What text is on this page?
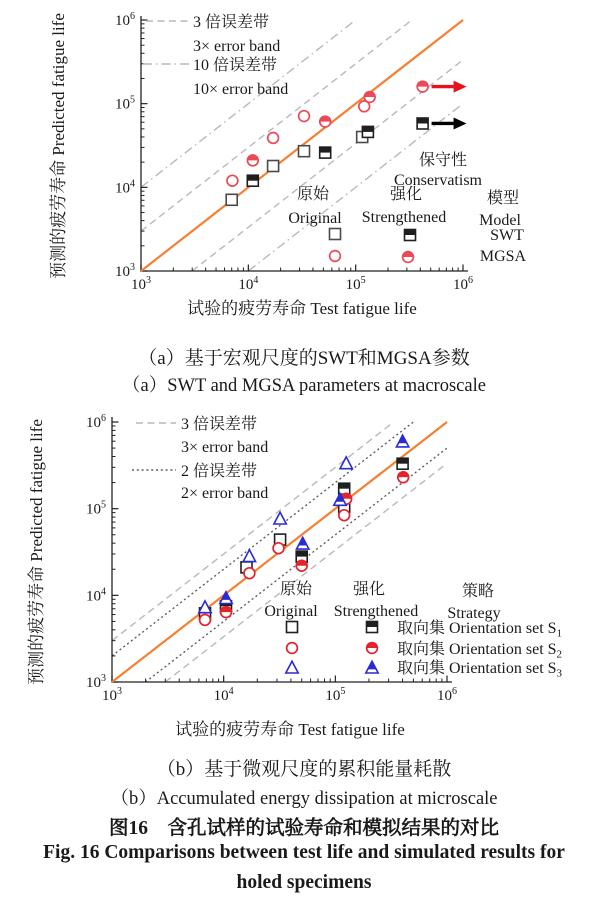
$10^3$
$10^3$
$10^4$
$10^4$
$10^5$
$10^5$
$10^6$
$10^6$
试验的疲劳寿命 Test fatigue life
预测的疲劳寿命 Predicted fatigue life	3 倍误差带
3× error band
10 倍误差带
10× error band
保守性
Conservatism
原始
Original
强化
Strengthened
模型
Model
SWT
MGSA
（a）基于宏观尺度的SWT和MGSA参数
（a）SWT and MGSA parameters at macroscale
$10^3$
$10^3$
$10^4$
$10^4$
$10^5$
$10^5$
$10^6$
$10^6$
试验的疲劳寿命 Test fatigue life
预测的疲劳寿命 Predicted fatigue life	3 倍误差带
3× error band
2 倍误差带
2× error band
原始
Original
强化
Strengthened
策略
Strategy
取向集 Orientation set $S_1$
取向集 Orientation set $S_2$
取向集 Orientation set $S_3$
（b）基于微观尺度的累积能量耗散
（b）Accumulated energy dissipation at microscale
图16　含孔试样的试验寿命和模拟结果的对比
Fig. 16 Comparisons between test life and simulated results for
holed specimens
